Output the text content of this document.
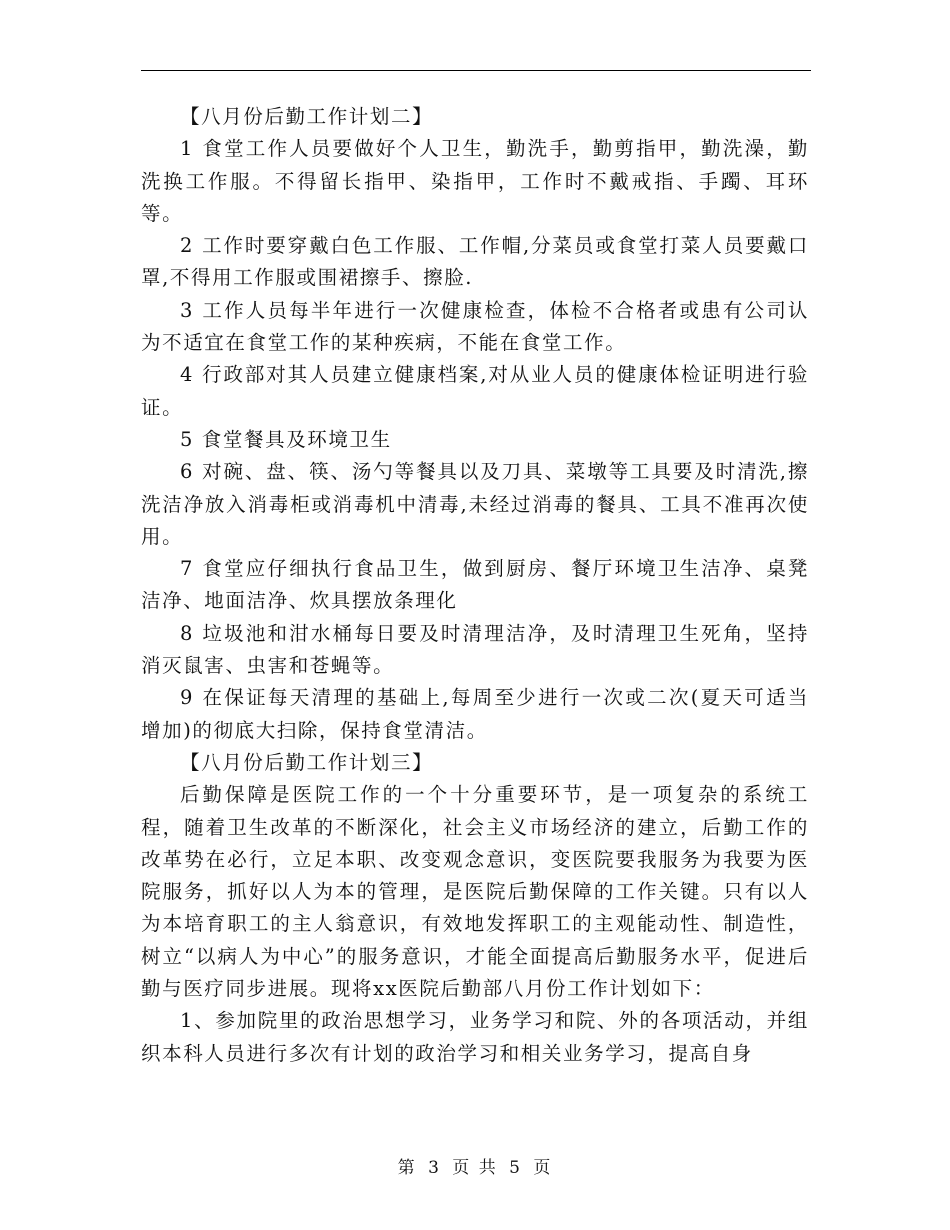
【八月份后勤工作计划二】

1 食堂工作人员要做好个人卫生，勤洗手，勤剪指甲，勤洗澡，勤洗换工作服。不得留长指甲、染指甲，工作时不戴戒指、手躅、耳环等。

2 工作时要穿戴白色工作服、工作帽,分菜员或食堂打菜人员要戴口罩,不得用工作服或围裙擦手、擦脸.

3 工作人员每半年进行一次健康检查，体检不合格者或患有公司认为不适宜在食堂工作的某种疾病，不能在食堂工作。

4 行政部对其人员建立健康档案,对从业人员的健康体检证明进行验证。

5 食堂餐具及环境卫生

6 对碗、盘、筷、汤勺等餐具以及刀具、菜墩等工具要及时清洗,擦洗洁净放入消毒柜或消毒机中清毒,未经过消毒的餐具、工具不准再次使用。

7 食堂应仔细执行食品卫生，做到厨房、餐厅环境卫生洁净、桌凳洁净、地面洁净、炊具摆放条理化

8 垃圾池和泔水桶每日要及时清理洁净，及时清理卫生死角，坚持消灭鼠害、虫害和苍蝇等。

9 在保证每天清理的基础上,每周至少进行一次或二次(夏天可适当增加)的彻底大扫除，保持食堂清洁。

【八月份后勤工作计划三】

后勤保障是医院工作的一个十分重要环节，是一项复杂的系统工程，随着卫生改革的不断深化，社会主义市场经济的建立，后勤工作的改革势在必行，立足本职、改变观念意识，变医院要我服务为我要为医院服务，抓好以人为本的管理，是医院后勤保障的工作关键。只有以人为本培育职工的主人翁意识，有效地发挥职工的主观能动性、制造性，树立“以病人为中心”的服务意识，才能全面提高后勤服务水平，促进后勤与医疗同步进展。现将xx医院后勤部八月份工作计划如下：

1、参加院里的政治思想学习，业务学习和院、外的各项活动，并组织本科人员进行多次有计划的政治学习和相关业务学习，提高自身

第 3 页 共 5 页
